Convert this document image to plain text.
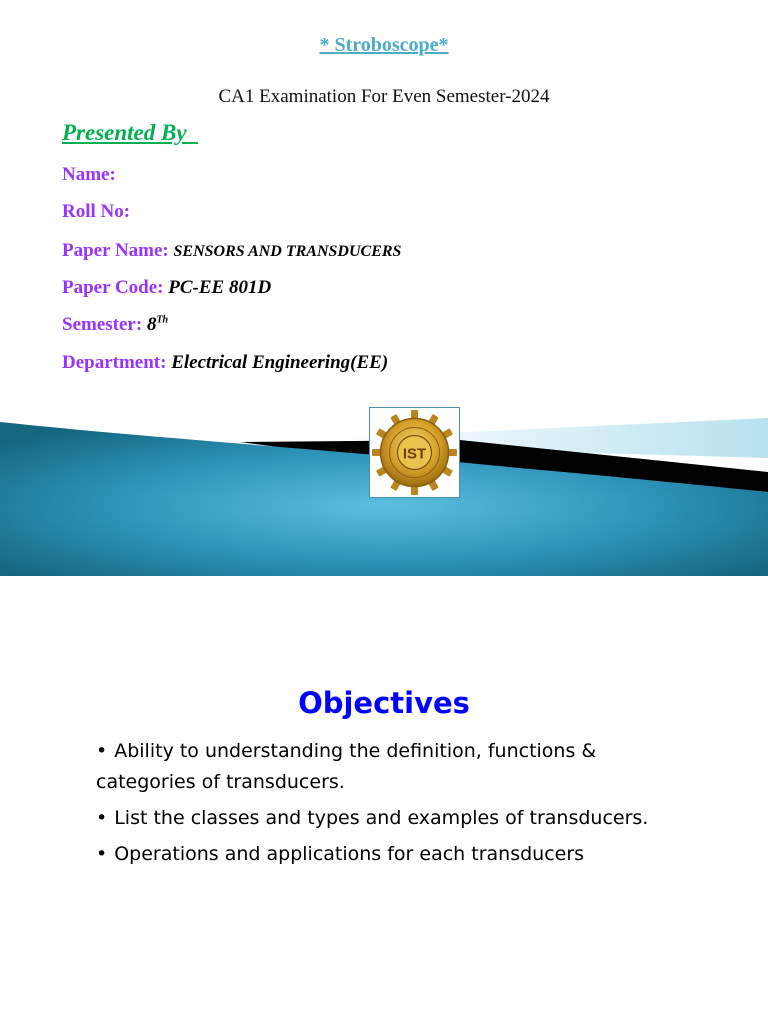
* Stroboscope*
CA1 Examination For Even Semester-2024
Presented By
Name:
Roll No:
Paper Name: SENSORS AND TRANSDUCERS
Paper Code: PC-EE 801D
Semester: 8Th
Department: Electrical Engineering(EE)
IST
Objectives
• Ability to understanding the definition, functions & categories of transducers.
• List the classes and types and examples of transducers.
• Operations and applications for each transducers
